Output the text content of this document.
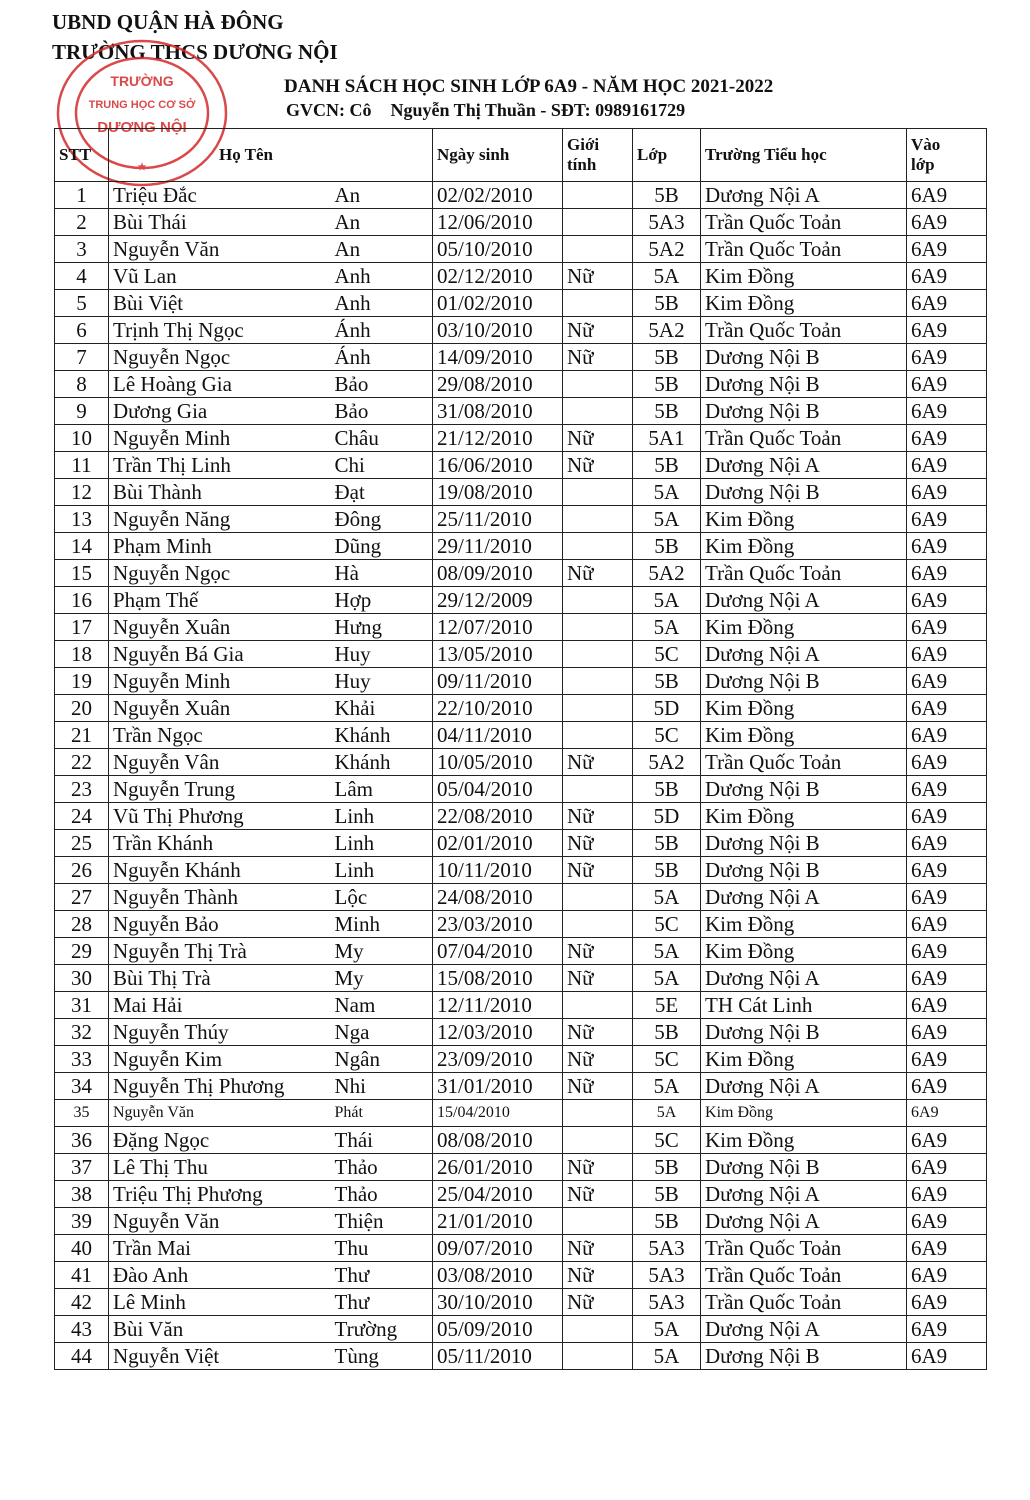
UBND QUẬN HÀ ĐÔNG
TRƯỜNG THCS DƯƠNG NỘI
TRƯỜNG
TRUNG HỌC CƠ SỞ
DƯƠNG NỘI
★
DANH SÁCH HỌC SINH LỚP 6A9 - NĂM HỌC 2021-2022
GVCN: Cô Nguyễn Thị Thuần - SĐT: 0989161729
STT	Họ Tên		Ngày sinh	Giới
tính	Lớp	Trường Tiểu học	Vào
lớp

1	Triệu Đắc	An	02/02/2010		5B	Dương Nội A	6A9
2	Bùi Thái	An	12/06/2010		5A3	Trần Quốc Toản	6A9
3	Nguyễn Văn	An	05/10/2010		5A2	Trần Quốc Toản	6A9
4	Vũ Lan	Anh	02/12/2010	Nữ	5A	Kim Đồng	6A9
5	Bùi Việt	Anh	01/02/2010		5B	Kim Đồng	6A9
6	Trịnh Thị Ngọc	Ánh	03/10/2010	Nữ	5A2	Trần Quốc Toản	6A9
7	Nguyễn Ngọc	Ánh	14/09/2010	Nữ	5B	Dương Nội B	6A9
8	Lê Hoàng Gia	Bảo	29/08/2010		5B	Dương Nội B	6A9
9	Dương Gia	Bảo	31/08/2010		5B	Dương Nội B	6A9
10	Nguyễn Minh	Châu	21/12/2010	Nữ	5A1	Trần Quốc Toản	6A9
11	Trần Thị Linh	Chi	16/06/2010	Nữ	5B	Dương Nội A	6A9
12	Bùi Thành	Đạt	19/08/2010		5A	Dương Nội B	6A9
13	Nguyễn Năng	Đông	25/11/2010		5A	Kim Đồng	6A9
14	Phạm Minh	Dũng	29/11/2010		5B	Kim Đồng	6A9
15	Nguyễn Ngọc	Hà	08/09/2010	Nữ	5A2	Trần Quốc Toản	6A9
16	Phạm Thế	Hợp	29/12/2009		5A	Dương Nội A	6A9
17	Nguyễn Xuân	Hưng	12/07/2010		5A	Kim Đồng	6A9
18	Nguyễn Bá Gia	Huy	13/05/2010		5C	Dương Nội A	6A9
19	Nguyễn Minh	Huy	09/11/2010		5B	Dương Nội B	6A9
20	Nguyễn Xuân	Khải	22/10/2010		5D	Kim Đồng	6A9
21	Trần Ngọc	Khánh	04/11/2010		5C	Kim Đồng	6A9
22	Nguyễn Vân	Khánh	10/05/2010	Nữ	5A2	Trần Quốc Toản	6A9
23	Nguyễn Trung	Lâm	05/04/2010		5B	Dương Nội B	6A9
24	Vũ Thị Phương	Linh	22/08/2010	Nữ	5D	Kim Đồng	6A9
25	Trần Khánh	Linh	02/01/2010	Nữ	5B	Dương Nội B	6A9
26	Nguyễn Khánh	Linh	10/11/2010	Nữ	5B	Dương Nội B	6A9
27	Nguyễn Thành	Lộc	24/08/2010		5A	Dương Nội A	6A9
28	Nguyễn Bảo	Minh	23/03/2010		5C	Kim Đồng	6A9
29	Nguyễn Thị Trà	My	07/04/2010	Nữ	5A	Kim Đồng	6A9
30	Bùi Thị Trà	My	15/08/2010	Nữ	5A	Dương Nội A	6A9
31	Mai Hải	Nam	12/11/2010		5E	TH Cát Linh	6A9
32	Nguyễn Thúy	Nga	12/03/2010	Nữ	5B	Dương Nội B	6A9
33	Nguyễn Kim	Ngân	23/09/2010	Nữ	5C	Kim Đồng	6A9
34	Nguyễn Thị Phương	Nhi	31/01/2010	Nữ	5A	Dương Nội A	6A9
35	Nguyễn Văn	Phát	15/04/2010		5A	Kim Đồng	6A9
36	Đặng Ngọc	Thái	08/08/2010		5C	Kim Đồng	6A9
37	Lê Thị Thu	Thảo	26/01/2010	Nữ	5B	Dương Nội B	6A9
38	Triệu Thị Phương	Thảo	25/04/2010	Nữ	5B	Dương Nội A	6A9
39	Nguyễn Văn	Thiện	21/01/2010		5B	Dương Nội A	6A9
40	Trần Mai	Thu	09/07/2010	Nữ	5A3	Trần Quốc Toản	6A9
41	Đào Anh	Thư	03/08/2010	Nữ	5A3	Trần Quốc Toản	6A9
42	Lê Minh	Thư	30/10/2010	Nữ	5A3	Trần Quốc Toản	6A9
43	Bùi Văn	Trường	05/09/2010		5A	Dương Nội A	6A9
44	Nguyễn Việt	Tùng	05/11/2010		5A	Dương Nội B	6A9
